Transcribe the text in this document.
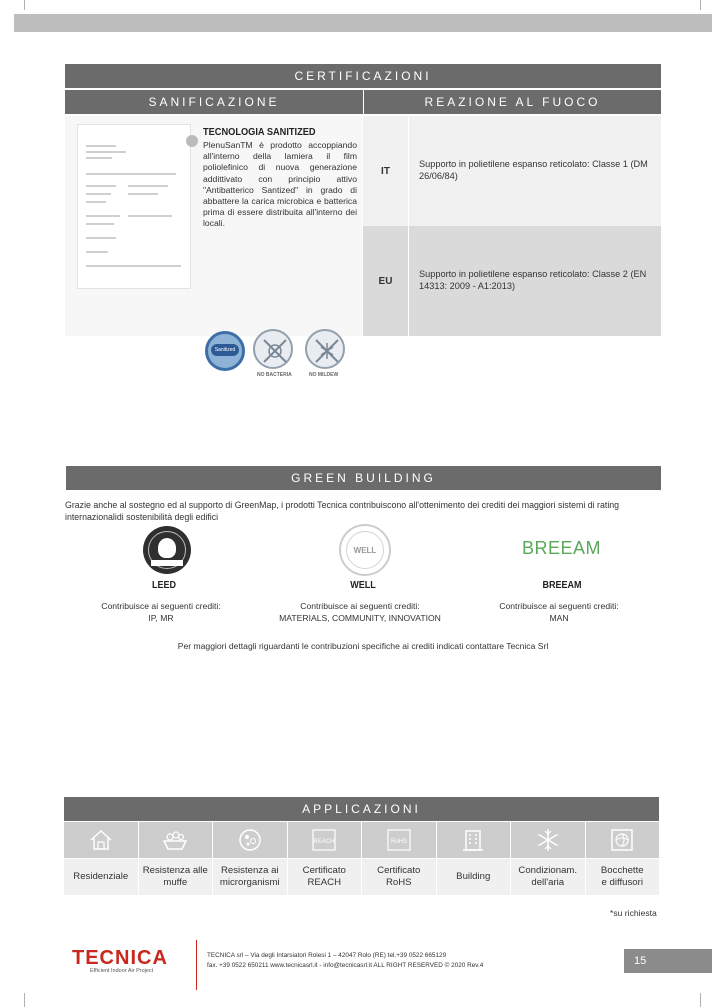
CERTIFICAZIONI
SANIFICAZIONE	REAZIONE AL FUOCO
TECNOLOGIA SANITIZED
PlenuSanTM è prodotto accoppiando all'interno della lamiera il film poliolefinico di nuova generazione addittivato con principio attivo "Antibatterico Santized" in grado di abbattere la carica microbica e batterica prima di essere distribuita all'interno dei locali.
Sanitized
NO BACTERIA	NO MILDEW
IT
Supporto in polietilene espanso reticolato: Classe 1 (DM 26/06/84)
EU
Supporto in polietilene espanso reticolato: Classe 2 (EN 14313: 2009 - A1:2013)
GREEN BUILDING
Grazie anche al sostegno ed al supporto di GreenMap, i prodotti Tecnica contribuiscono all'ottenimento dei crediti dei maggiori sistemi di rating internazionalidi sostenibilità degli edifici
WELL	BREEAM
LEED	WELL	BREEAM
Contribuisce ai seguenti crediti:
IP, MR
Contribuisce ai seguenti crediti:
MATERIALS, COMMUNITY, INNOVATION
Contribuisce ai seguenti crediti:
MAN
Per maggiori dettagli riguardanti le contribuzioni specifiche ai crediti indicati contattare Tecnica Srl
APPLICAZIONI
REACH	RoHS
Residenziale
Resistenza alle
muffe
Resistenza ai
microrganismi
Certificato
REACH
Certificato
RoHS
Building
Condizionam.
dell'aria
Bocchette
e diffusori
*su richiesta
TECNICA
Efficient Indoor Air Project
TECNICA srl – Via degli Intarsiatori Rolesi 1 – 42047 Rolo (RE) tel.+39 0522 665129
fax. +39 0522 650211 www.tecnicasrl.it - info@tecnicasrl.it ALL RIGHT RESERVED © 2020 Rev.4	15
